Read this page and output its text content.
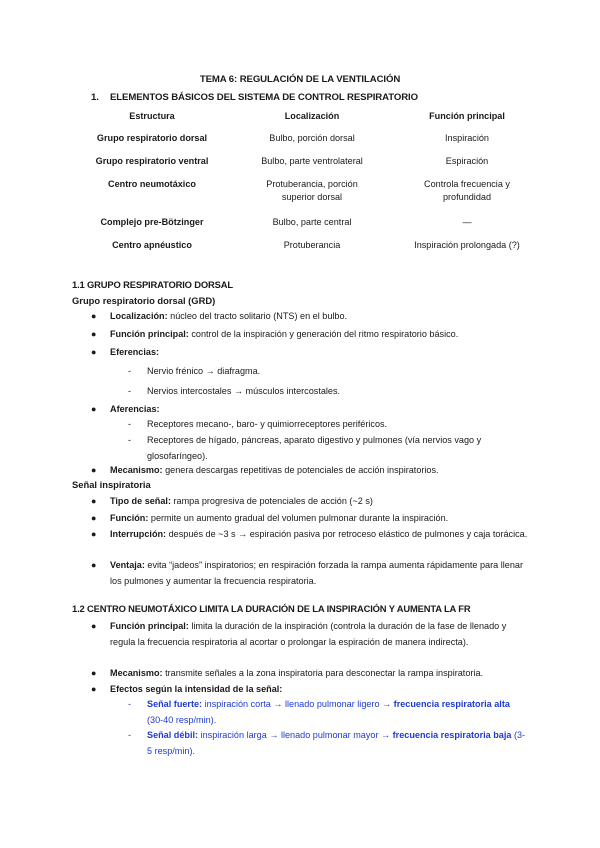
TEMA 6: REGULACIÓN DE LA VENTILACIÓN
1. ELEMENTOS BÁSICOS DEL SISTEMA DE CONTROL RESPIRATORIO
Estructura	Localización	Función principal
Grupo respiratorio dorsal	Bulbo, porción dorsal	Inspiración
Grupo respiratorio ventral	Bulbo, parte ventrolateral	Espiración
Centro neumotáxico	Protuberancia, porción superior dorsal	Controla frecuencia y profundidad
Complejo pre-Bötzinger	Bulbo, parte central	—
Centro apnéustico	Protuberancia	Inspiración prolongada (?)
1.1 GRUPO RESPIRATORIO DORSAL
Grupo respiratorio dorsal (GRD)
● Localización: núcleo del tracto solitario (NTS) en el bulbo.
● Función principal: control de la inspiración y generación del ritmo respiratorio básico.
● Eferencias:
- Nervio frénico → diafragma.
- Nervios intercostales → músculos intercostales.
● Aferencias:
- Receptores mecano-, baro- y quimiorreceptores periféricos.
- Receptores de hígado, páncreas, aparato digestivo y pulmones (vía nervios vago y glosofaríngeo).
● Mecanismo: genera descargas repetitivas de potenciales de acción inspiratorios.
Señal inspiratoria
● Tipo de señal: rampa progresiva de potenciales de acción (~2 s)
● Función: permite un aumento gradual del volumen pulmonar durante la inspiración.
● Interrupción: después de ~3 s → espiración pasiva por retroceso elástico de pulmones y caja torácica.
● Ventaja: evita “jadeos” inspiratorios; en respiración forzada la rampa aumenta rápidamente para llenar los pulmones y aumentar la frecuencia respiratoria.
1.2 CENTRO NEUMOTÁXICO LIMITA LA DURACIÓN DE LA INSPIRACIÓN Y AUMENTA LA FR
● Función principal: limita la duración de la inspiración (controla la duración de la fase de llenado y regula la frecuencia respiratoria al acortar o prolongar la espiración de manera indirecta).
● Mecanismo: transmite señales a la zona inspiratoria para desconectar la rampa inspiratoria.
● Efectos según la intensidad de la señal:
- Señal fuerte: inspiración corta → llenado pulmonar ligero → frecuencia respiratoria alta (30-40 resp/min).
- Señal débil: inspiración larga → llenado pulmonar mayor → frecuencia respiratoria baja (3-5 resp/min).
